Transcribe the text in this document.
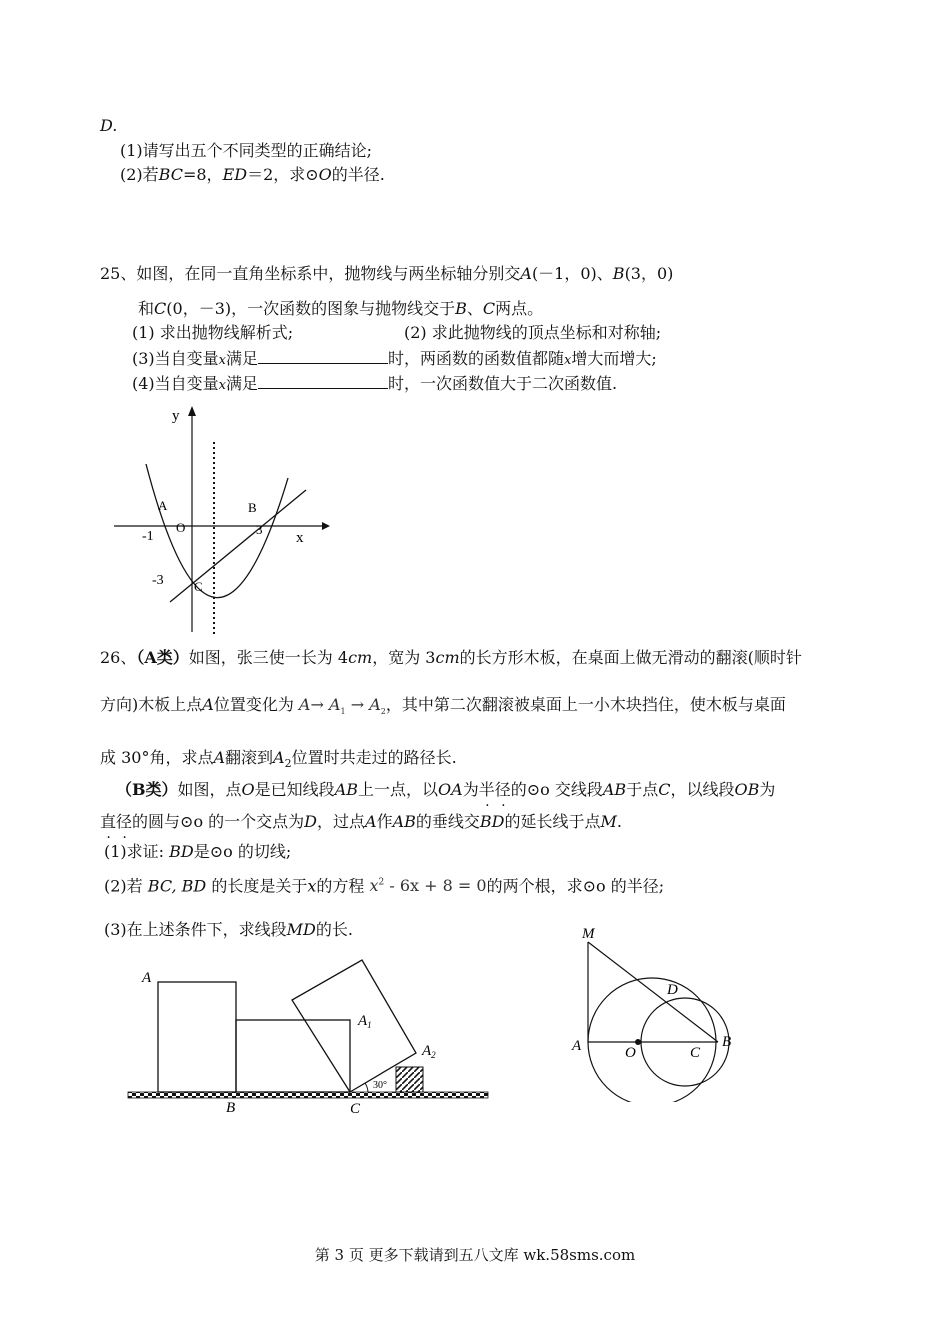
D.
(1)请写出五个不同类型的正确结论;
(2)若BC=8，ED＝2，求⊙O的半径.
25、如图，在同一直角坐标系中，抛物线与两坐标轴分别交A(－1，0)、B(3，0)
和C(0，－3)，一次函数的图象与抛物线交于B、C两点。
(1) 求出抛物线解析式;	(2) 求此抛物线的顶点坐标和对称轴;
(3)当自变量x满足	时，两函数的函数值都随x增大而增大;
(4)当自变量x满足	时，一次函数值大于二次函数值.
y
x
A	B
O
-1	3
-3 C
26、（A类）如图，张三使一长为 4cm，宽为 3cm的长方形木板，在桌面上做无滑动的翻滚(顺时针
方向)木板上点A位置变化为 $A\to A_1 \to A_2$，其中第二次翻滚被桌面上一小木块挡住，使木板与桌面
成 30°角，求点A翻滚到$A_2$位置时共走过的路径长.
（B类）如图，点O是已知线段AB上一点，以OA为半径的⊙o 交线段AB于点C，以线段OB为
直径的圆与⊙o 的一个交点为D，过点A作AB的垂线交BD的延长线于点M.
(1)求证: BD是⊙o 的切线;
(2)若 BC, BD 的长度是关于x的方程 $x^2 - 6x + 8 = 0$的两个根，求⊙o 的半径;
(3)在上述条件下，求线段MD的长.
A
$A_1$
$A_2$
B	C
30°
M
D
A	O	C
B
第 3 页 更多下载请到五八文库 wk.58sms.com
